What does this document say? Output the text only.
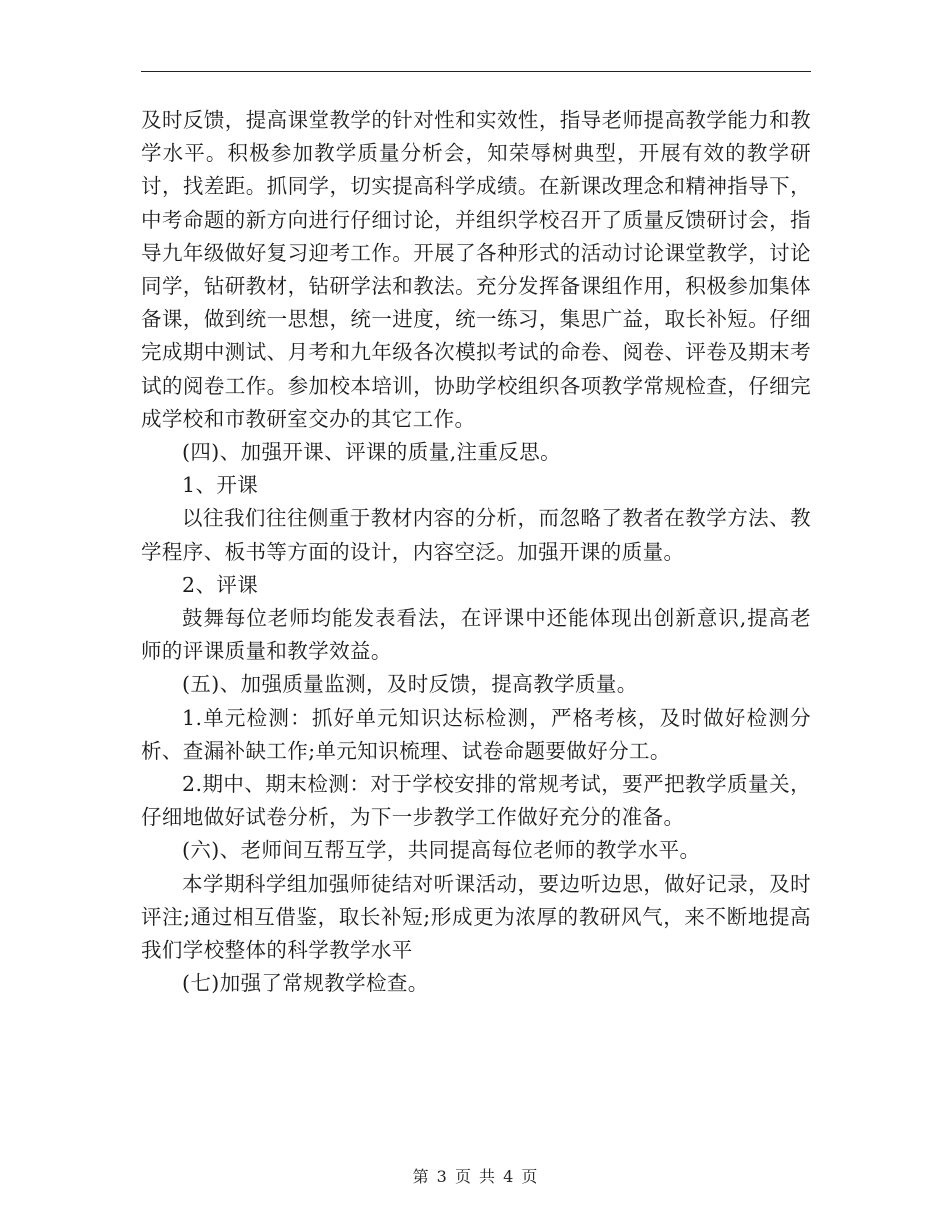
及时反馈，提高课堂教学的针对性和实效性，指导老师提高教学能力和教学水平。积极参加教学质量分析会，知荣辱树典型，开展有效的教学研讨，找差距。抓同学，切实提高科学成绩。在新课改理念和精神指导下，中考命题的新方向进行仔细讨论，并组织学校召开了质量反馈研讨会，指导九年级做好复习迎考工作。开展了各种形式的活动讨论课堂教学，讨论同学，钻研教材，钻研学法和教法。充分发挥备课组作用，积极参加集体备课，做到统一思想，统一进度，统一练习，集思广益，取长补短。仔细完成期中测试、月考和九年级各次模拟考试的命卷、阅卷、评卷及期末考试的阅卷工作。参加校本培训，协助学校组织各项教学常规检查，仔细完成学校和市教研室交办的其它工作。

(四)、加强开课、评课的质量,注重反思。

1、开课

以往我们往往侧重于教材内容的分析，而忽略了教者在教学方法、教学程序、板书等方面的设计，内容空泛。加强开课的质量。

2、评课

鼓舞每位老师均能发表看法，在评课中还能体现出创新意识,提高老师的评课质量和教学效益。

(五)、加强质量监测，及时反馈，提高教学质量。

1.单元检测：抓好单元知识达标检测，严格考核，及时做好检测分析、查漏补缺工作;单元知识梳理、试卷命题要做好分工。

2.期中、期末检测：对于学校安排的常规考试，要严把教学质量关，仔细地做好试卷分析，为下一步教学工作做好充分的准备。

(六)、老师间互帮互学，共同提高每位老师的教学水平。

本学期科学组加强师徒结对听课活动，要边听边思，做好记录，及时评注;通过相互借鉴，取长补短;形成更为浓厚的教研风气，来不断地提高我们学校整体的科学教学水平

(七)加强了常规教学检查。

第 3 页 共 4 页
